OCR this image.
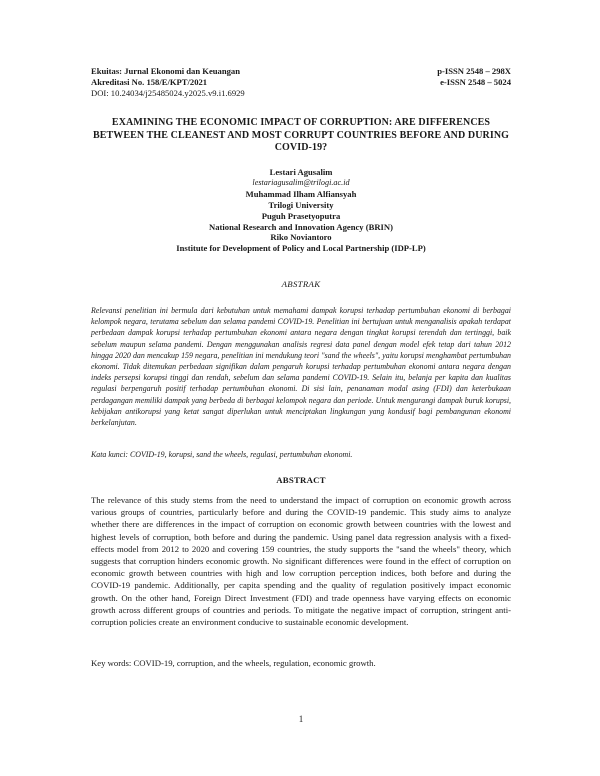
Ekuitas: Jurnal Ekonomi dan Keuangan
Akreditasi No. 158/E/KPT/2021
DOI: 10.24034/j25485024.y2025.v9.i1.6929
p-ISSN 2548 – 298X
e-ISSN 2548 – 5024
EXAMINING THE ECONOMIC IMPACT OF CORRUPTION: ARE DIFFERENCES BETWEEN THE CLEANEST AND MOST CORRUPT COUNTRIES BEFORE AND DURING COVID-19?
Lestari Agusalim
lestariagusalim@trilogi.ac.id
Muhammad Ilham Alfiansyah
Trilogi University
Puguh Prasetyoputra
National Research and Innovation Agency (BRIN)
Riko Noviantoro
Institute for Development of Policy and Local Partnership (IDP-LP)
ABSTRAK
Relevansi penelitian ini bermula dari kebutuhan untuk memahami dampak korupsi terhadap pertumbuhan ekonomi di berbagai kelompok negara, terutama sebelum dan selama pandemi COVID-19. Penelitian ini bertujuan untuk menganalisis apakah terdapat perbedaan dampak korupsi terhadap pertumbuhan ekonomi antara negara dengan tingkat korupsi terendah dan tertinggi, baik sebelum maupun selama pandemi. Dengan menggunakan analisis regresi data panel dengan model efek tetap dari tahun 2012 hingga 2020 dan mencakup 159 negara, penelitian ini mendukung teori "sand the wheels", yaitu korupsi menghambat pertumbuhan ekonomi. Tidak ditemukan perbedaan signifikan dalam pengaruh korupsi terhadap pertumbuhan ekonomi antara negara dengan indeks persepsi korupsi tinggi dan rendah, sebelum dan selama pandemi COVID-19. Selain itu, belanja per kapita dan kualitas regulasi berpengaruh positif terhadap pertumbuhan ekonomi. Di sisi lain, penanaman modal asing (FDI) dan keterbukaan perdagangan memiliki dampak yang berbeda di berbagai kelompok negara dan periode. Untuk mengurangi dampak buruk korupsi, kebijakan antikorupsi yang ketat sangat diperlukan untuk menciptakan lingkungan yang kondusif bagi pembangunan ekonomi berkelanjutan.
Kata kunci: COVID-19, korupsi, sand the wheels, regulasi, pertumbuhan ekonomi.
ABSTRACT
The relevance of this study stems from the need to understand the impact of corruption on economic growth across various groups of countries, particularly before and during the COVID-19 pandemic. This study aims to analyze whether there are differences in the impact of corruption on economic growth between countries with the lowest and highest levels of corruption, both before and during the pandemic. Using panel data regression analysis with a fixed-effects model from 2012 to 2020 and covering 159 countries, the study supports the "sand the wheels" theory, which suggests that corruption hinders economic growth. No significant differences were found in the effect of corruption on economic growth between countries with high and low corruption perception indices, both before and during the COVID-19 pandemic. Additionally, per capita spending and the quality of regulation positively impact economic growth. On the other hand, Foreign Direct Investment (FDI) and trade openness have varying effects on economic growth across different groups of countries and periods. To mitigate the negative impact of corruption, stringent anti-corruption policies create an environment conducive to sustainable economic development.
Key words: COVID-19, corruption, and the wheels, regulation, economic growth.
1
